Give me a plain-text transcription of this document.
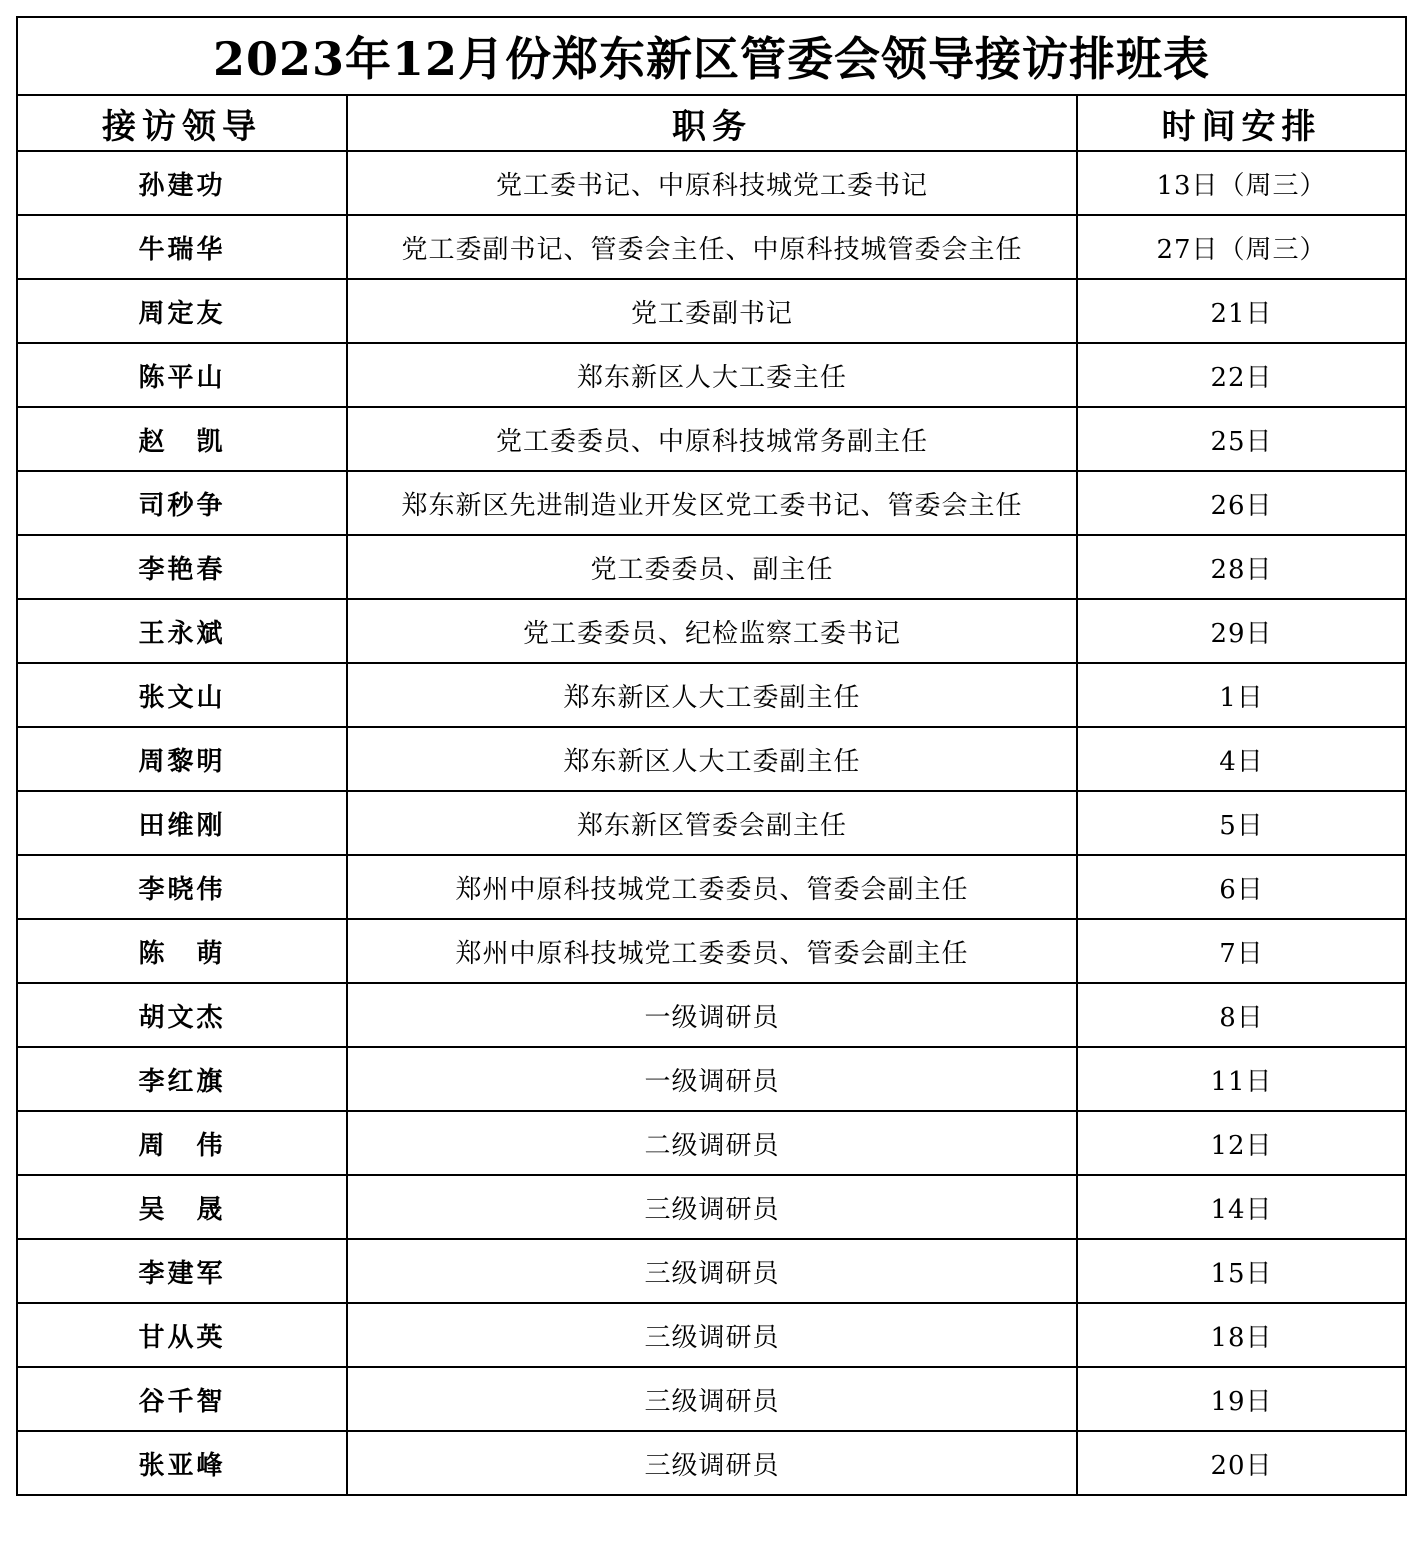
2023年12月份郑东新区管委会领导接访排班表		
接访领导	职务	时间安排
孙建功	党工委书记、中原科技城党工委书记	13日（周三）
牛瑞华	党工委副书记、管委会主任、中原科技城管委会主任	27日（周三）
周定友	党工委副书记	21日
陈平山	郑东新区人大工委主任	22日
赵　凯	党工委委员、中原科技城常务副主任	25日
司秒争	郑东新区先进制造业开发区党工委书记、管委会主任	26日
李艳春	党工委委员、副主任	28日
王永斌	党工委委员、纪检监察工委书记	29日
张文山	郑东新区人大工委副主任	1日
周黎明	郑东新区人大工委副主任	4日
田维刚	郑东新区管委会副主任	5日
李晓伟	郑州中原科技城党工委委员、管委会副主任	6日
陈　萌	郑州中原科技城党工委委员、管委会副主任	7日
胡文杰	一级调研员	8日
李红旗	一级调研员	11日
周　伟	二级调研员	12日
吴　晟	三级调研员	14日
李建军	三级调研员	15日
甘从英	三级调研员	18日
谷千智	三级调研员	19日
张亚峰	三级调研员	20日
